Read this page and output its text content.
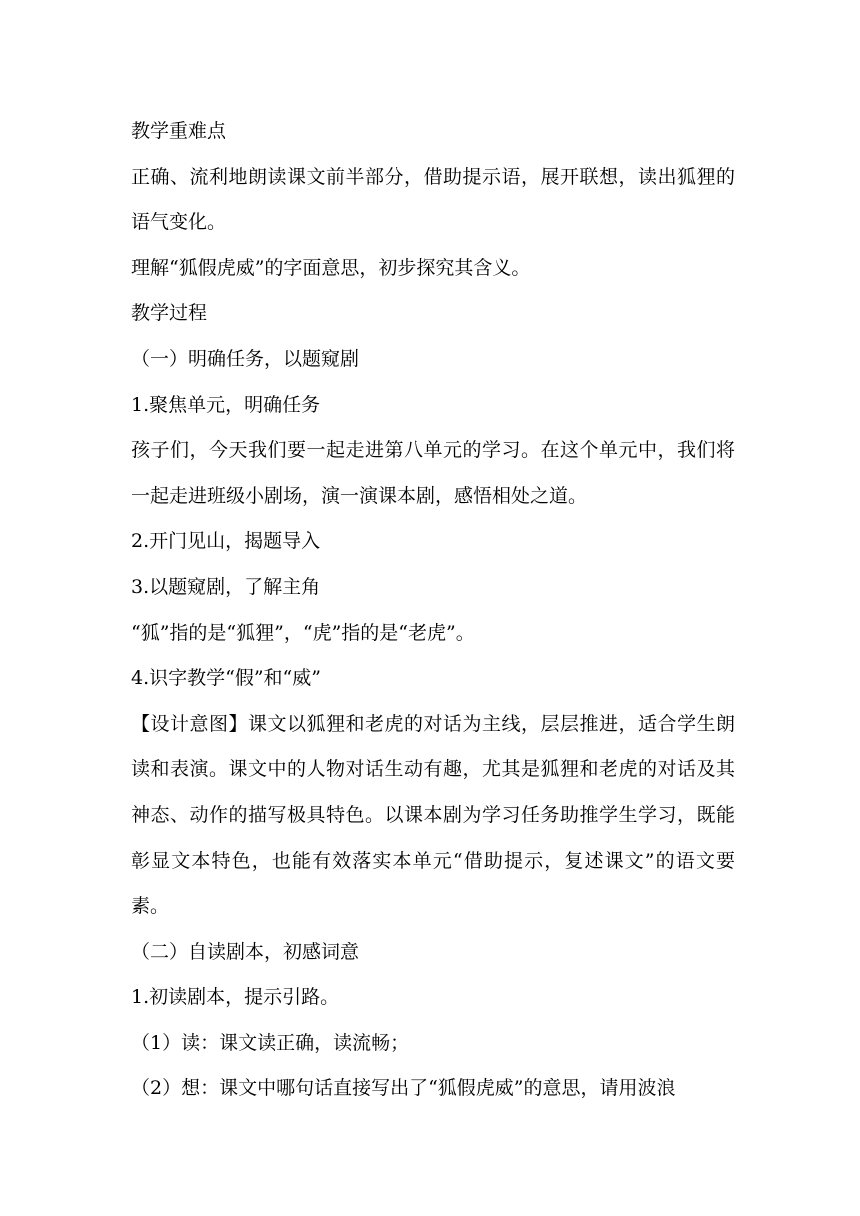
教学重难点

正确、流利地朗读课文前半部分，借助提示语，展开联想，读出狐狸的语气变化。

理解“狐假虎威”的字面意思，初步探究其含义。

教学过程

（一）明确任务，以题窥剧

1.聚焦单元，明确任务

孩子们，今天我们要一起走进第八单元的学习。在这个单元中，我们将一起走进班级小剧场，演一演课本剧，感悟相处之道。

2.开门见山，揭题导入

3.以题窥剧，了解主角

“狐”指的是“狐狸”，“虎”指的是“老虎”。

4.识字教学“假”和“威”

【设计意图】课文以狐狸和老虎的对话为主线，层层推进，适合学生朗读和表演。课文中的人物对话生动有趣，尤其是狐狸和老虎的对话及其神态、动作的描写极具特色。以课本剧为学习任务助推学生学习，既能彰显文本特色，也能有效落实本单元“借助提示，复述课文”的语文要素。

（二）自读剧本，初感词意

1.初读剧本，提示引路。

（1）读：课文读正确，读流畅；

（2）想：课文中哪句话直接写出了“狐假虎威”的意思，请用波浪
